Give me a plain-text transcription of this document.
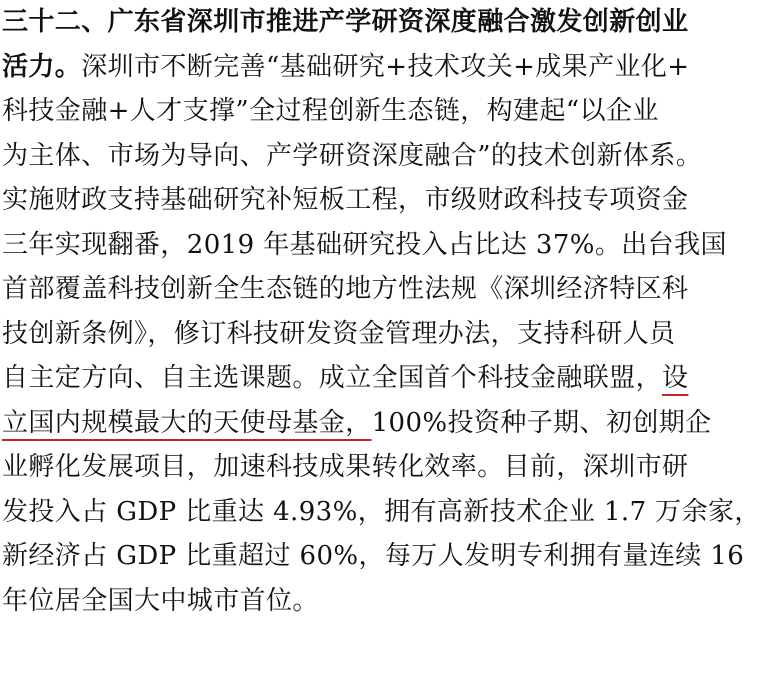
三十二、广东省深圳市推进产学研资深度融合激发创新创业
活力。深圳市不断完善“基础研究+技术攻关+成果产业化+
科技金融+人才支撑”全过程创新生态链，构建起“以企业
为主体、市场为导向、产学研资深度融合”的技术创新体系。
实施财政支持基础研究补短板工程，市级财政科技专项资金
三年实现翻番，2019 年基础研究投入占比达 37%。出台我国
首部覆盖科技创新全生态链的地方性法规《深圳经济特区科
技创新条例》，修订科技研发资金管理办法，支持科研人员
自主定方向、自主选课题。成立全国首个科技金融联盟，设
立国内规模最大的天使母基金，100%投资种子期、初创期企
业孵化发展项目，加速科技成果转化效率。目前，深圳市研
发投入占 GDP 比重达 4.93%，拥有高新技术企业 1.7 万余家，
新经济占 GDP 比重超过 60%，每万人发明专利拥有量连续 16
年位居全国大中城市首位。
